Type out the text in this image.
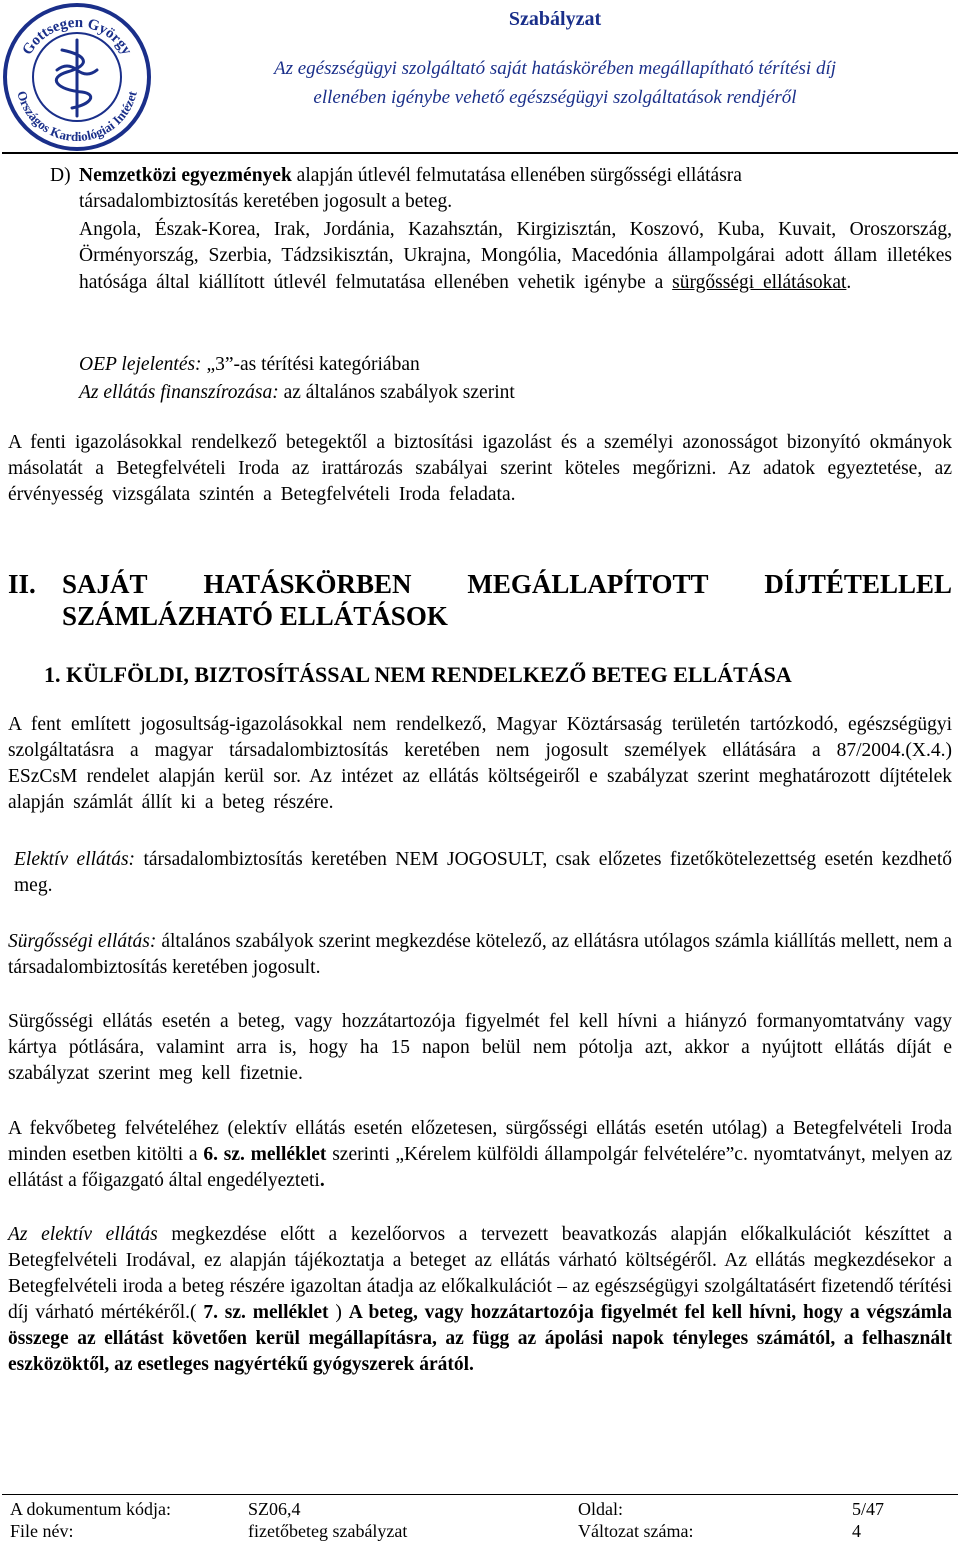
Gottsegen György
Országos Kardiológiai Intézet
Szabályzat
Az egészségügyi szolgáltató saját hatáskörében megállapítható térítési díj
ellenében igénybe vehető egészségügyi szolgáltatások rendjéről
D) Nemzetközi egyezmények alapján útlevél felmutatása ellenében sürgősségi ellátásra
társadalombiztosítás keretében jogosult a beteg.
Angola, Észak-Korea, Irak, Jordánia, Kazahsztán, Kirgizisztán, Koszovó, Kuba, Kuvait, Oroszország, Örményország, Szerbia, Tádzsikisztán, Ukrajna, Mongólia, Macedónia állampolgárai adott állam illetékes hatósága által kiállított útlevél felmutatása ellenében vehetik igénybe a sürgősségi ellátásokat.
OEP lejelentés: „3”-as térítési kategóriában
Az ellátás finanszírozása: az általános szabályok szerint
A fenti igazolásokkal rendelkező betegektől a biztosítási igazolást és a személyi azonosságot bizonyító okmányok másolatát a Betegfelvételi Iroda az irattározás szabályai szerint köteles megőrizni. Az adatok egyeztetése, az érvényesség vizsgálata szintén a Betegfelvételi Iroda feladata.
II. SAJÁT HATÁSKÖRBEN MEGÁLLAPÍTOTT DÍJTÉTELLEL
SZÁMLÁZHATÓ ELLÁTÁSOK
1. KÜLFÖLDI, BIZTOSÍTÁSSAL NEM RENDELKEZŐ BETEG ELLÁTÁSA
A fent említett jogosultság-igazolásokkal nem rendelkező, Magyar Köztársaság területén tartózkodó, egészségügyi szolgáltatásra a magyar társadalombiztosítás keretében nem jogosult személyek ellátására a 87/2004.(X.4.) ESzCsM rendelet alapján kerül sor. Az intézet az ellátás költségeiről e szabályzat szerint meghatározott díjtételek alapján számlát állít ki a beteg részére.
Elektív ellátás: társadalombiztosítás keretében NEM JOGOSULT, csak előzetes fizetőkötelezettség esetén kezdhető meg.
Sürgősségi ellátás: általános szabályok szerint megkezdése kötelező, az ellátásra utólagos számla kiállítás mellett, nem a társadalombiztosítás keretében jogosult.
Sürgősségi ellátás esetén a beteg, vagy hozzátartozója figyelmét fel kell hívni a hiányzó formanyomtatvány vagy kártya pótlására, valamint arra is, hogy ha 15 napon belül nem pótolja azt, akkor a nyújtott ellátás díját e szabályzat szerint meg kell fizetnie.
A fekvőbeteg felvételéhez (elektív ellátás esetén előzetesen, sürgősségi ellátás esetén utólag) a Betegfelvételi Iroda minden esetben kitölti a 6. sz. melléklet szerinti „Kérelem külföldi állampolgár felvételére”c. nyomtatványt, melyen az ellátást a főigazgató által engedélyezteti.
Az elektív ellátás megkezdése előtt a kezelőorvos a tervezett beavatkozás alapján előkalkulációt készíttet a Betegfelvételi Irodával, ez alapján tájékoztatja a beteget az ellátás várható költségéről. Az ellátás megkezdésekor a Betegfelvételi iroda a beteg részére igazoltan átadja az előkalkulációt – az egészségügyi szolgáltatásért fizetendő térítési díj várható mértékéről.( 7. sz. melléklet ) A beteg, vagy hozzátartozója figyelmét fel kell hívni, hogy a végszámla összege az ellátást követően kerül megállapításra, az függ az ápolási napok tényleges számától, a felhasznált eszközöktől, az esetleges nagyértékű gyógyszerek árától.
A dokumentum kódja:	SZ06,4	Oldal:	5/47
File név:	fizetőbeteg szabályzat	Változat száma:	4
